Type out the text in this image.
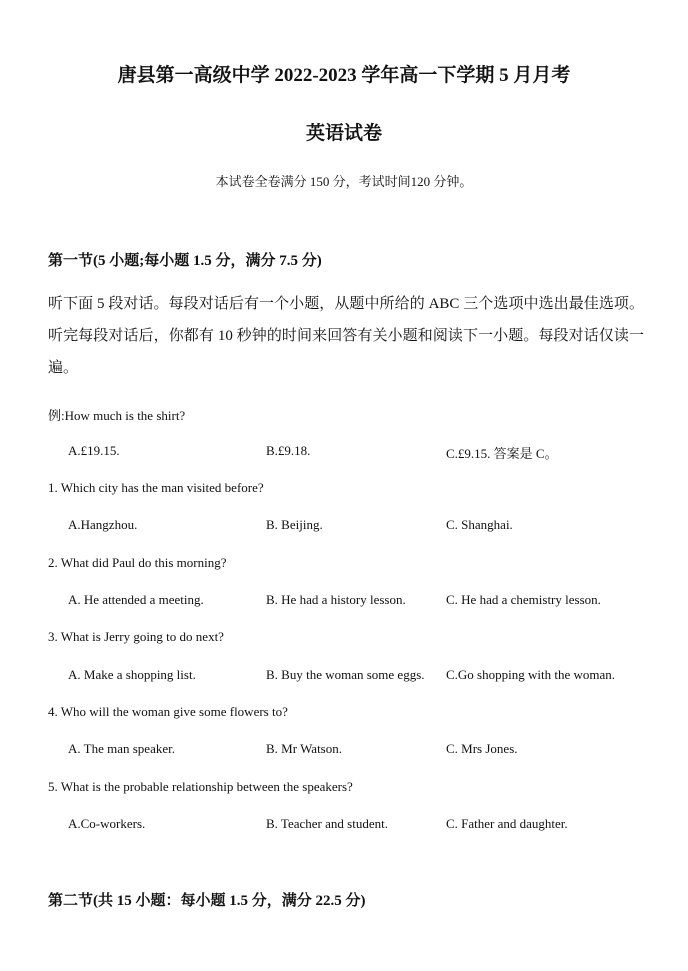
唐县第一高级中学 2022-2023 学年高一下学期 5 月月考
英语试卷
本试卷全卷满分 150 分，考试时间120 分钟。
第一节(5 小题;每小题 1.5 分，满分 7.5 分)
听下面 5 段对话。每段对话后有一个小题，从题中所给的 ABC 三个选项中选出最佳选项。听完每段对话后，你都有 10 秒钟的时间来回答有关小题和阅读下一小题。每段对话仅读一遍。
例:How much is the shirt?
A.£19.15.	B.£9.18.	C.£9.15. 答案是 C。
1. Which city has the man visited before?
A.Hangzhou.	B. Beijing.	C. Shanghai.
2. What did Paul do this morning?
A. He attended a meeting.	B. He had a history lesson.	C. He had a chemistry lesson.
3. What is Jerry going to do next?
A. Make a shopping list.	B. Buy the woman some eggs. C.Go shopping with the woman.
4. Who will the woman give some flowers to?
A. The man speaker.	B. Mr Watson.	C. Mrs Jones.
5. What is the probable relationship between the speakers?
A.Co-workers.	B. Teacher and student.	C. Father and daughter.
第二节(共 15 小题：每小题 1.5 分，满分 22.5 分)
